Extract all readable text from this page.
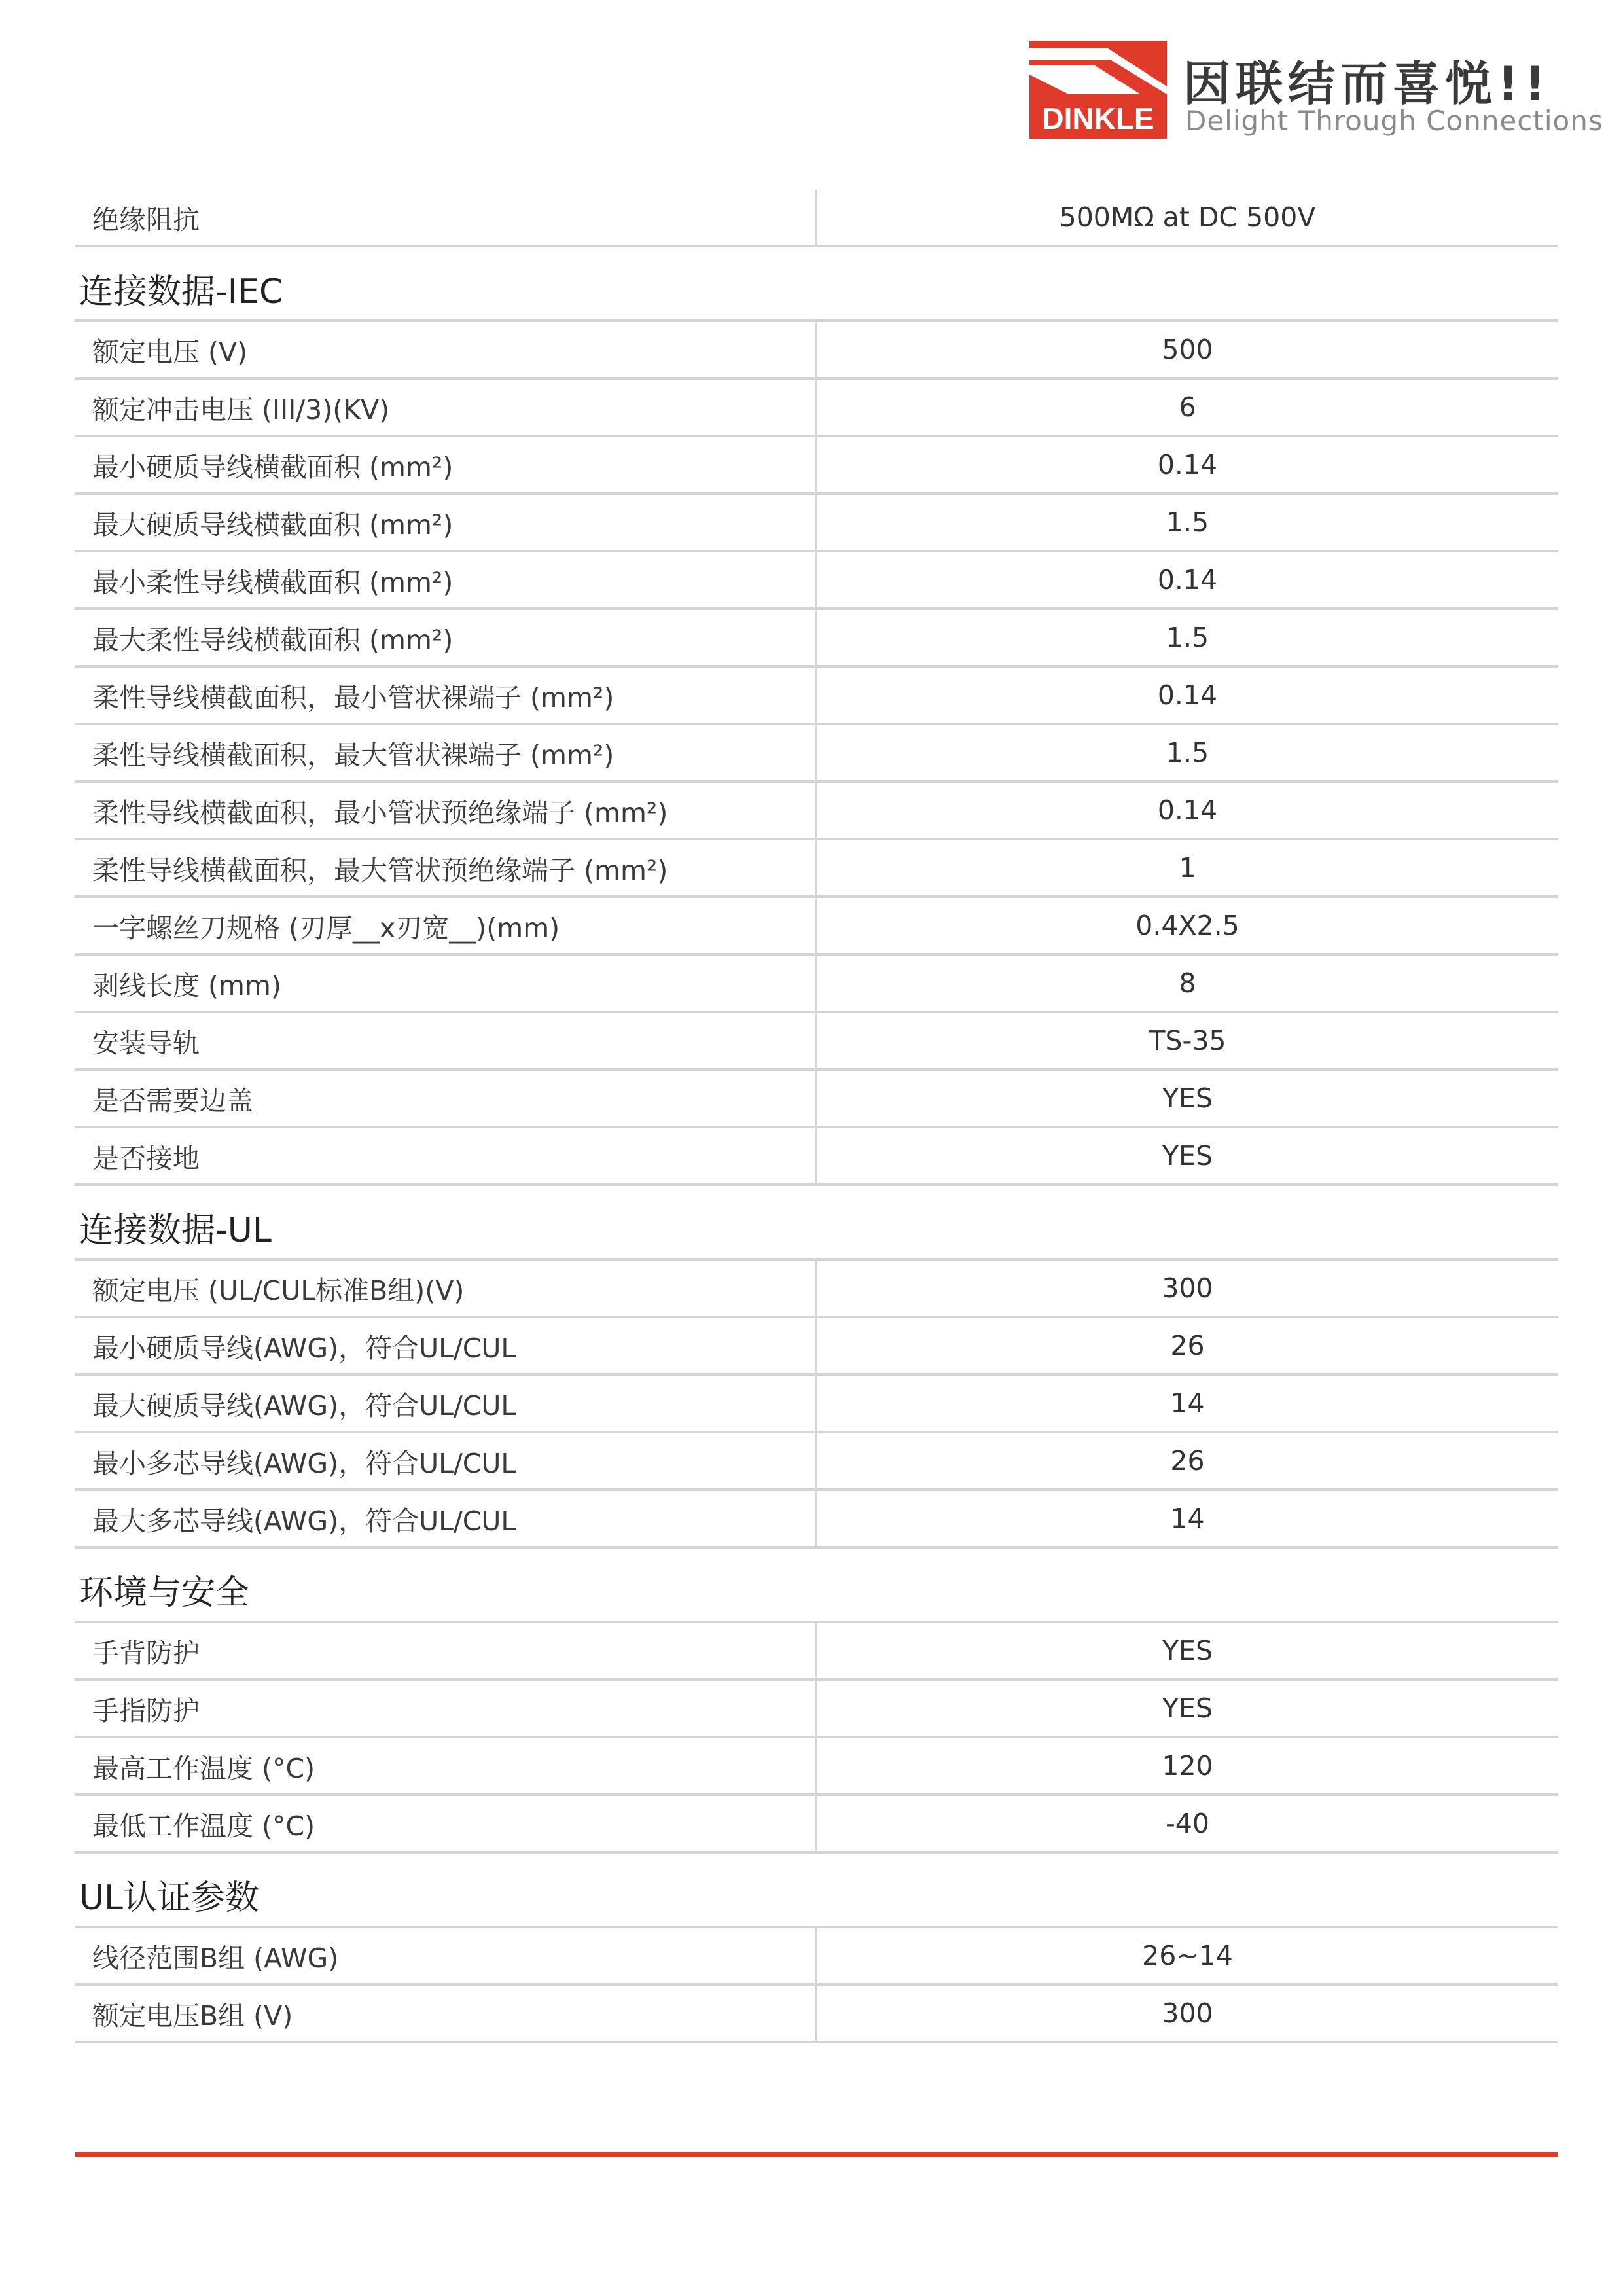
DINKLE
因联结而喜悦!!
Delight Through Connections
绝缘阻抗	500MΩ at DC 500V
连接数据-IEC
额定电压 (V)	500
额定冲击电压 (III/3)(KV)	6
最小硬质导线横截面积 (mm²)	0.14
最大硬质导线横截面积 (mm²)	1.5
最小柔性导线横截面积 (mm²)	0.14
最大柔性导线横截面积 (mm²)	1.5
柔性导线横截面积，最小管状裸端子 (mm²)	0.14
柔性导线横截面积，最大管状裸端子 (mm²)	1.5
柔性导线横截面积，最小管状预绝缘端子 (mm²)	0.14
柔性导线横截面积，最大管状预绝缘端子 (mm²)	1
一字螺丝刀规格 (刃厚__x刃宽__)(mm)	0.4X2.5
剥线长度 (mm)	8
安装导轨	TS-35
是否需要边盖	YES
是否接地	YES
连接数据-UL
额定电压 (UL/CUL标准B组)(V)	300
最小硬质导线(AWG)，符合UL/CUL	26
最大硬质导线(AWG)，符合UL/CUL	14
最小多芯导线(AWG)，符合UL/CUL	26
最大多芯导线(AWG)，符合UL/CUL	14
环境与安全
手背防护	YES
手指防护	YES
最高工作温度 (°C)	120
最低工作温度 (°C)	-40
UL认证参数
线径范围B组 (AWG)	26~14
额定电压B组 (V)	300
